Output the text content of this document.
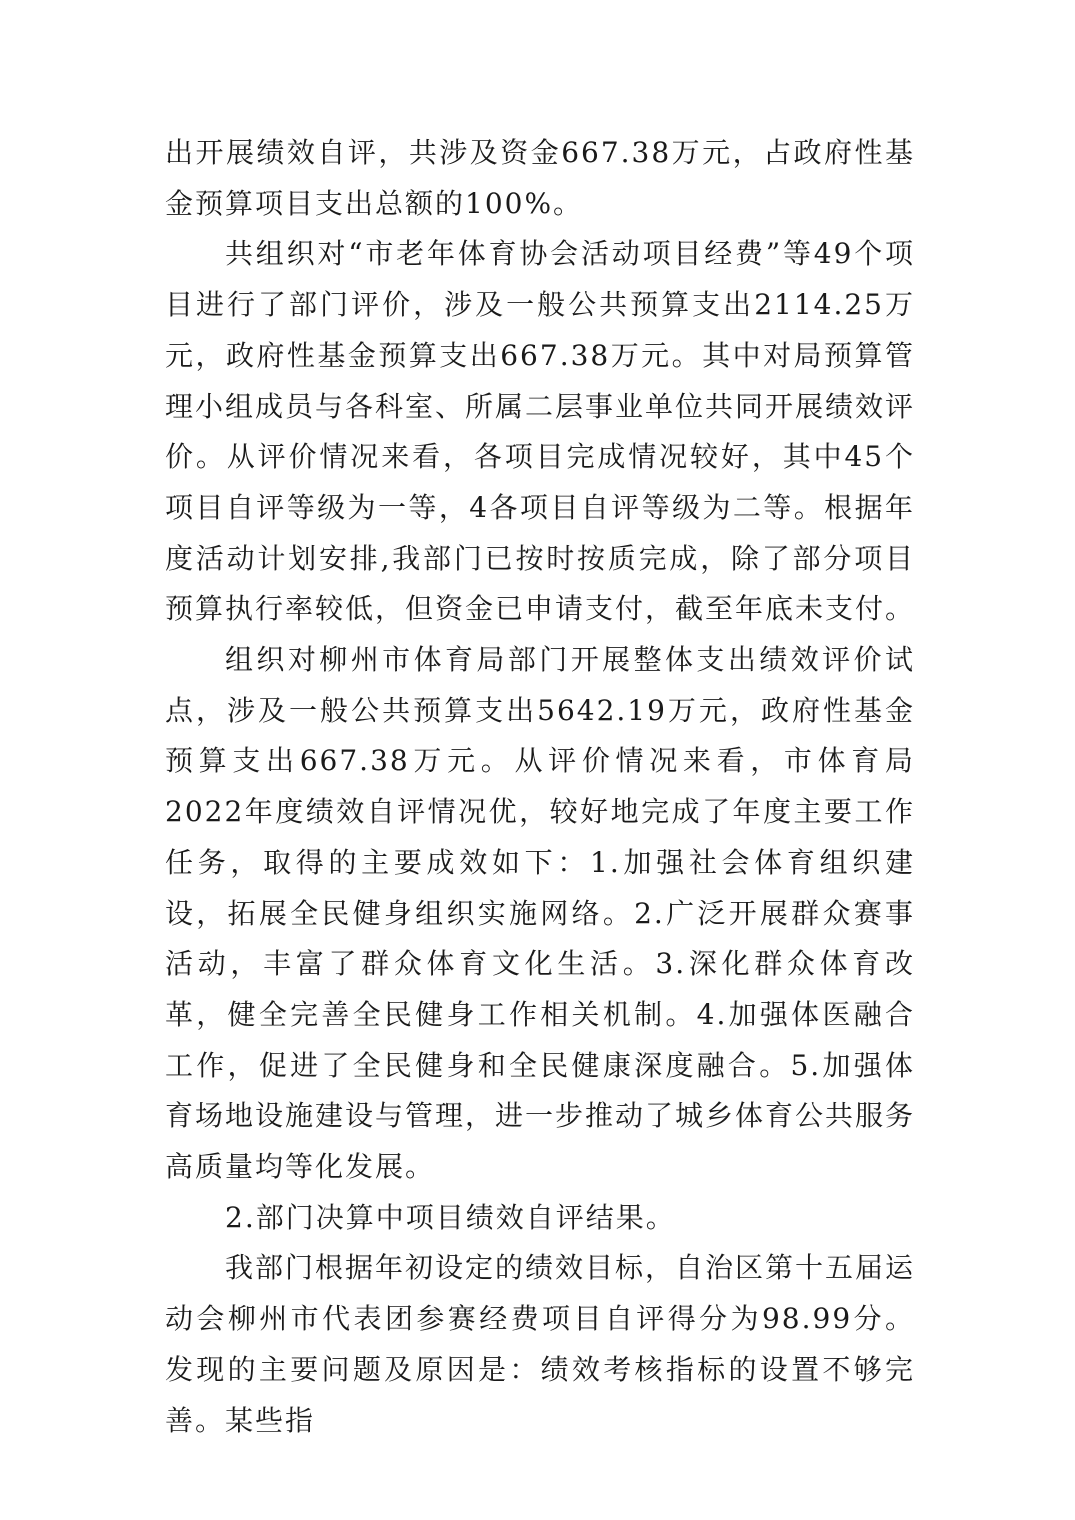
出开展绩效自评，共涉及资金667.38万元，占政府性基金预算项目支出总额的100%。

共组织对“市老年体育协会活动项目经费”等49个项目进行了部门评价，涉及一般公共预算支出2114.25万元，政府性基金预算支出667.38万元。其中对局预算管理小组成员与各科室、所属二层事业单位共同开展绩效评价。从评价情况来看，各项目完成情况较好，其中45个项目自评等级为一等，4各项目自评等级为二等。根据年度活动计划安排,我部门已按时按质完成，除了部分项目预算执行率较低，但资金已申请支付，截至年底未支付。

组织对柳州市体育局部门开展整体支出绩效评价试点，涉及一般公共预算支出5642.19万元，政府性基金预算支出667.38万元。从评价情况来看，市体育局2022年度绩效自评情况优，较好地完成了年度主要工作任务，取得的主要成效如下：1.加强社会体育组织建设，拓展全民健身组织实施网络。2.广泛开展群众赛事活动，丰富了群众体育文化生活。3.深化群众体育改革，健全完善全民健身工作相关机制。4.加强体医融合工作，促进了全民健身和全民健康深度融合。5.加强体育场地设施建设与管理，进一步推动了城乡体育公共服务高质量均等化发展。

2.部门决算中项目绩效自评结果。

我部门根据年初设定的绩效目标，自治区第十五届运动会柳州市代表团参赛经费项目自评得分为98.99分。发现的主要问题及原因是：绩效考核指标的设置不够完善。某些指
